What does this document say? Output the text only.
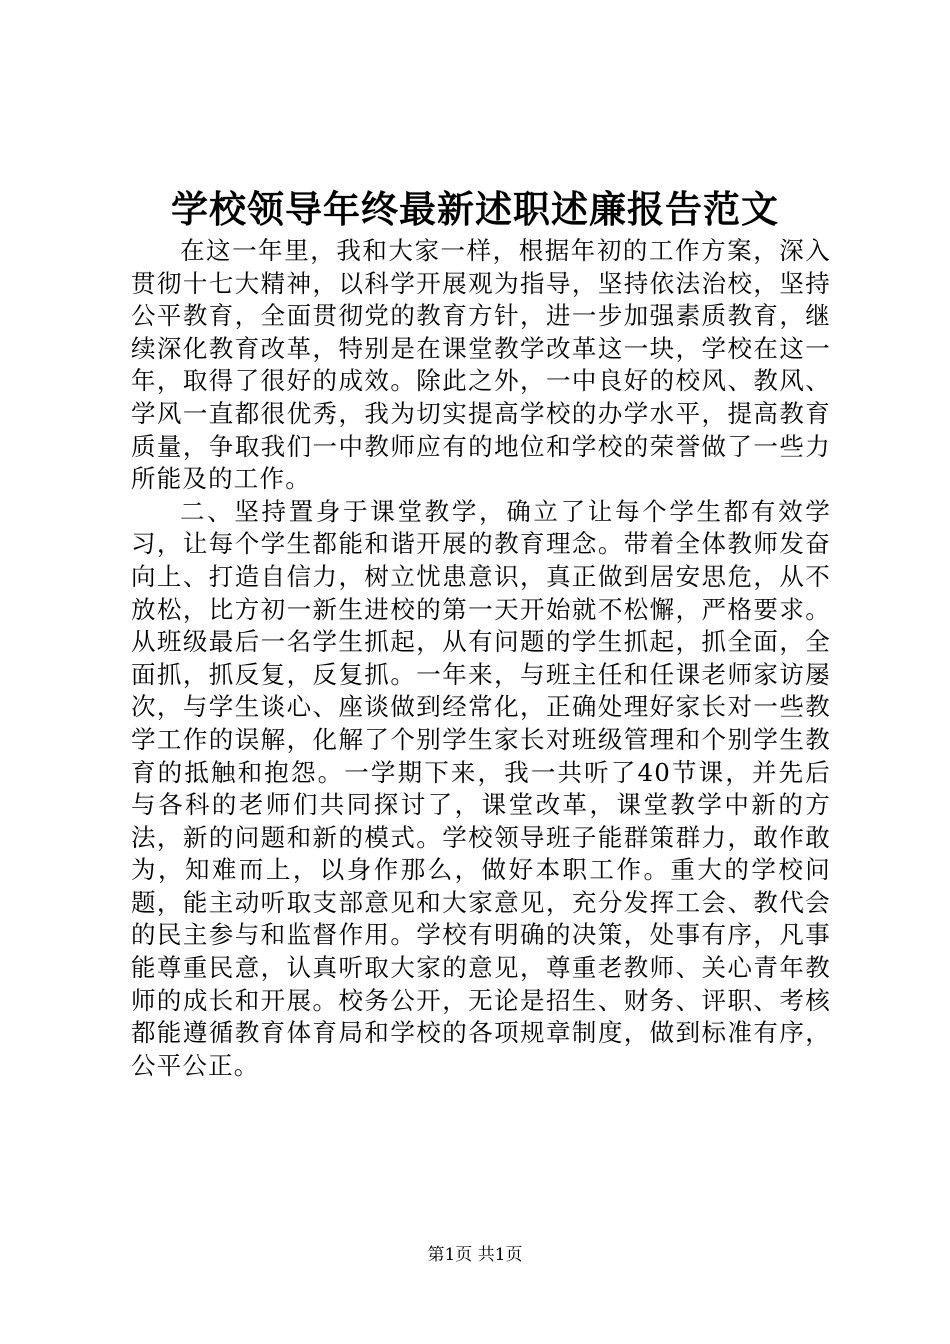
学校领导年终最新述职述廉报告范文

在这一年里，我和大家一样，根据年初的工作方案，深入贯彻十七大精神，以科学开展观为指导，坚持依法治校，坚持公平教育，全面贯彻党的教育方针，进一步加强素质教育，继续深化教育改革，特别是在课堂教学改革这一块，学校在这一年，取得了很好的成效。除此之外，一中良好的校风、教风、学风一直都很优秀，我为切实提高学校的办学水平，提高教育质量，争取我们一中教师应有的地位和学校的荣誉做了一些力所能及的工作。

二、坚持置身于课堂教学，确立了让每个学生都有效学习，让每个学生都能和谐开展的教育理念。带着全体教师发奋向上、打造自信力，树立忧患意识，真正做到居安思危，从不放松，比方初一新生进校的第一天开始就不松懈，严格要求。从班级最后一名学生抓起，从有问题的学生抓起，抓全面，全面抓，抓反复，反复抓。一年来，与班主任和任课老师家访屡次，与学生谈心、座谈做到经常化，正确处理好家长对一些教学工作的误解，化解了个别学生家长对班级管理和个别学生教育的抵触和抱怨。一学期下来，我一共听了40节课，并先后与各科的老师们共同探讨了，课堂改革，课堂教学中新的方法，新的问题和新的模式。学校领导班子能群策群力，敢作敢为，知难而上，以身作那么，做好本职工作。重大的学校问题，能主动听取支部意见和大家意见，充分发挥工会、教代会的民主参与和监督作用。学校有明确的决策，处事有序，凡事能尊重民意，认真听取大家的意见，尊重老教师、关心青年教师的成长和开展。校务公开，无论是招生、财务、评职、考核都能遵循教育体育局和学校的各项规章制度，做到标准有序，公平公正。

第1页 共1页
